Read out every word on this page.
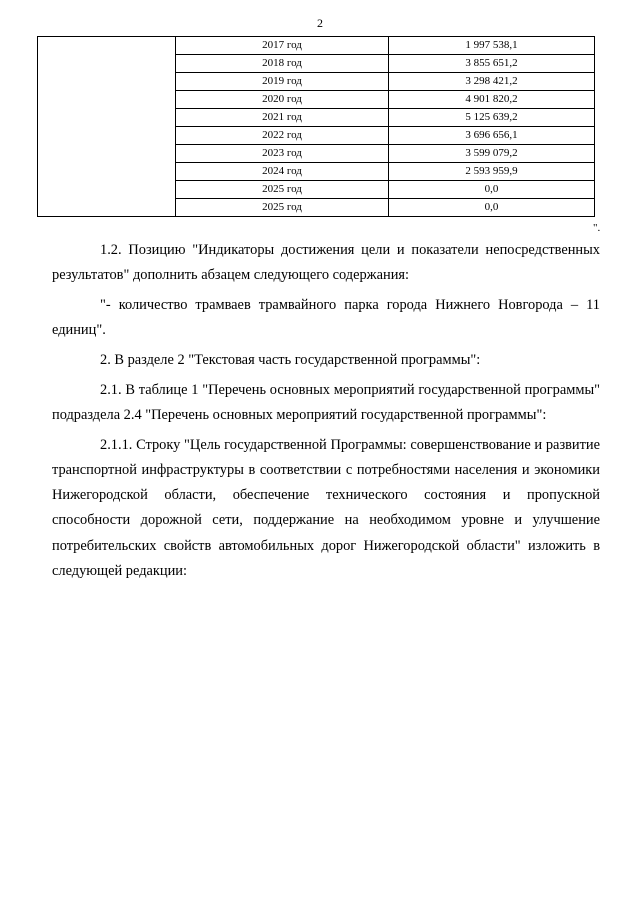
2
	2017 год	1 997 538,1
	2018 год	3 855 651,2
	2019 год	3 298 421,2
	2020 год	4 901 820,2
	2021 год	5 125 639,2
	2022 год	3 696 656,1
	2023 год	3 599 079,2
	2024 год	2 593 959,9
	2025 год	0,0
	2025 год	0,0
".

1.2. Позицию "Индикаторы достижения цели и показатели непосредственных результатов" дополнить абзацем следующего содержания:

"- количество трамваев трамвайного парка города Нижнего Новгорода – 11 единиц".

2. В разделе 2 "Текстовая часть государственной программы":

2.1. В таблице 1 "Перечень основных мероприятий государственной программы" подраздела 2.4 "Перечень основных мероприятий государственной программы":

2.1.1. Строку "Цель государственной Программы: совершенствование и развитие транспортной инфраструктуры в соответствии с потребностями населения и экономики Нижегородской области, обеспечение технического состояния и пропускной способности дорожной сети, поддержание на необходимом уровне и улучшение потребительских свойств автомобильных дорог Нижегородской области" изложить в следующей редакции:
